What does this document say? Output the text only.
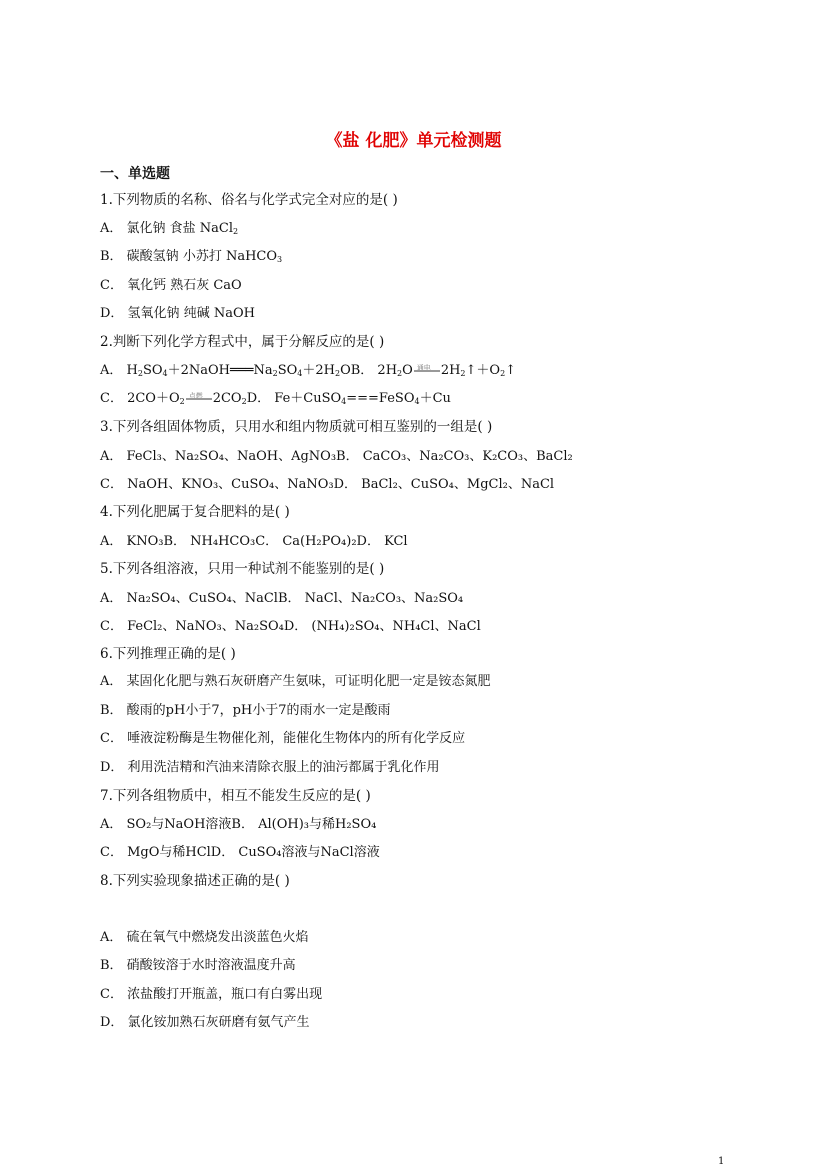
《盐 化肥》单元检测题
一、单选题
1.下列物质的名称、俗名与化学式完全对应的是( )
A． 氯化钠 食盐 NaCl$_2$
B． 碳酸氢钠 小苏打 NaHCO$_3$
C． 氧化钙 熟石灰 CaO
D． 氢氧化钠 纯碱 NaOH
2.判断下列化学方程式中，属于分解反应的是( )
A． $H_2SO_4+2NaOH═══Na_2SO_4+2H_2OB$． $2H_2O$ 通电 $2H_2↑+O_2↑$
C． $2CO+O_2$
点燃 $2CO_2D$． Fe＋CuSO$_4$===FeSO$_4$＋Cu
3.下列各组固体物质，只用水和组内物质就可相互鉴别的一组是( )
A． FeCl₃、Na₂SO₄、NaOH、AgNO₃B． CaCO₃、Na₂CO₃、K₂CO₃、BaCl₂
C． NaOH、KNO₃、CuSO₄、NaNO₃D． BaCl₂、CuSO₄、MgCl₂、NaCl
4.下列化肥属于复合肥料的是( )
A． KNO₃B． NH₄HCO₃C． Ca(H₂PO₄)₂D． KCl
5.下列各组溶液，只用一种试剂不能鉴别的是( )
A． Na₂SO₄、CuSO₄、NaClB． NaCl、Na₂CO₃、Na₂SO₄
C． FeCl₂、NaNO₃、Na₂SO₄D． (NH₄)₂SO₄、NH₄Cl、NaCl
6.下列推理正确的是( )
A． 某固化化肥与熟石灰研磨产生氨味，可证明化肥一定是铵态氮肥
B． 酸雨的pH小于7，pH小于7的雨水一定是酸雨
C． 唾液淀粉酶是生物催化剂，能催化生物体内的所有化学反应
D． 利用洗洁精和汽油来清除衣服上的油污都属于乳化作用
7.下列各组物质中，相互不能发生反应的是( )
A． SO₂与NaOH溶液B． Al(OH)₃与稀H₂SO₄
C． MgO与稀HClD． CuSO₄溶液与NaCl溶液
8.下列实验现象描述正确的是( )
A． 硫在氧气中燃烧发出淡蓝色火焰
B． 硝酸铵溶于水时溶液温度升高
C． 浓盐酸打开瓶盖，瓶口有白雾出现
D． 氯化铵加熟石灰研磨有氨气产生
1
